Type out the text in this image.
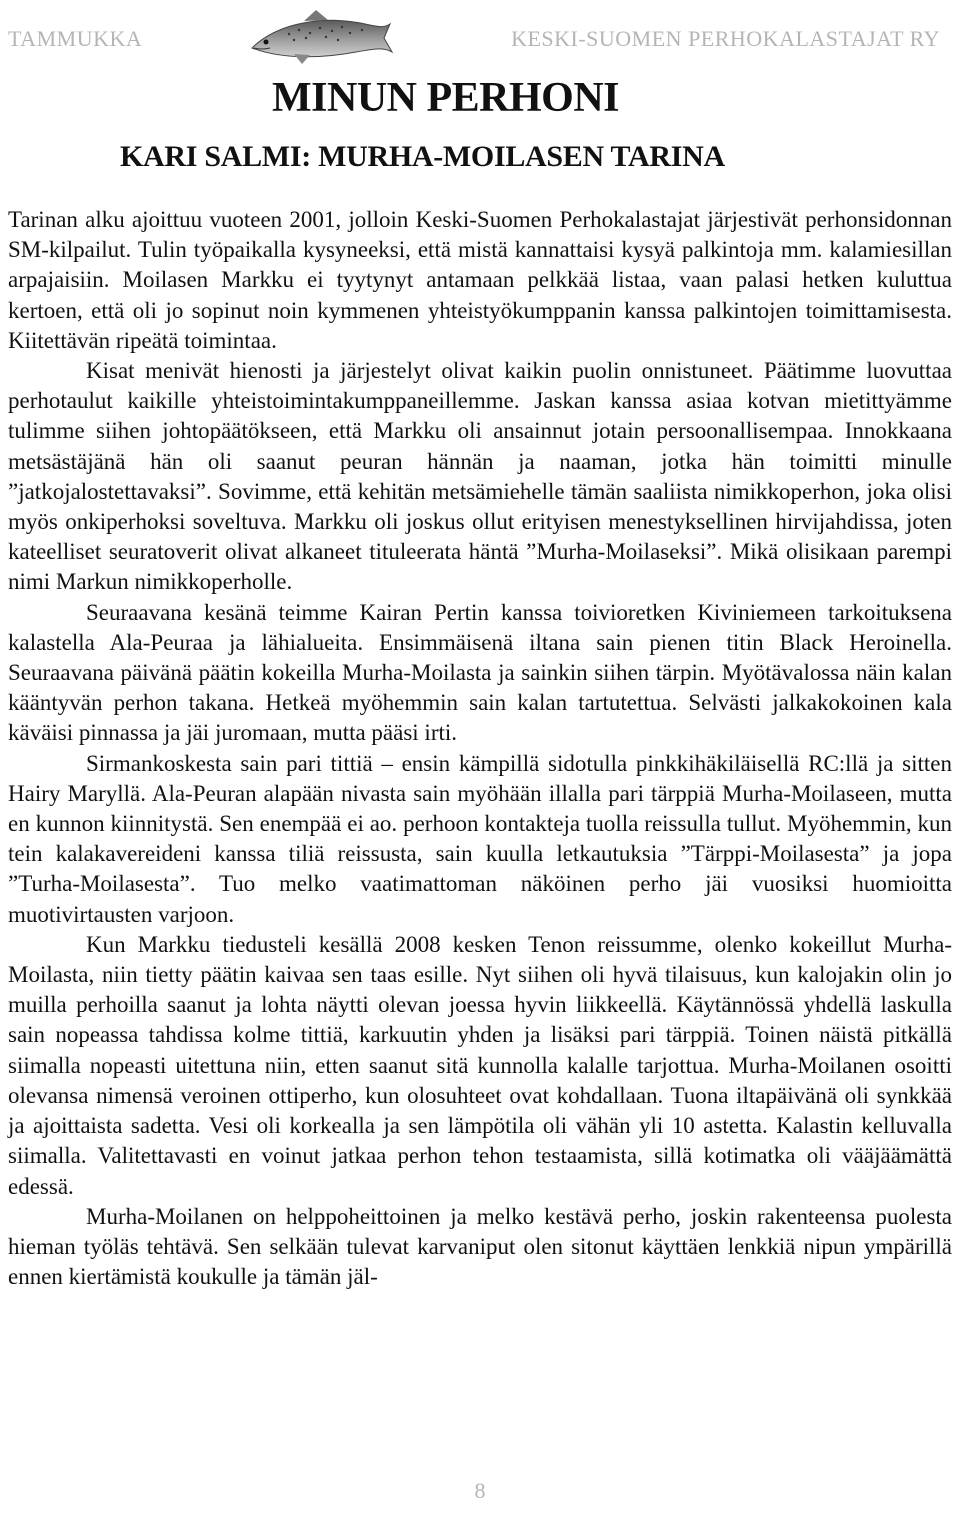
TAMMUKKA	KESKI-SUOMEN PERHOKALASTAJAT RY
MINUN PERHONI
KARI SALMI: MURHA-MOILASEN TARINA

Tarinan alku ajoittuu vuoteen 2001, jolloin Keski-Suomen Perhokalastajat järjestivät perhonsidonnan SM-kilpailut. Tulin työpaikalla kysyneeksi, että mistä kannattaisi kysyä palkintoja mm. kalamiesillan arpajaisiin. Moilasen Markku ei tyytynyt antamaan pelkkää listaa, vaan palasi hetken kuluttua kertoen, että oli jo sopinut noin kymmenen yhteistyökumppanin kanssa palkintojen toimittamisesta. Kiitettävän ripeätä toimintaa.

Kisat menivät hienosti ja järjestelyt olivat kaikin puolin onnistuneet. Päätimme luovuttaa perhotaulut kaikille yhteistoimintakumppaneillemme. Jaskan kanssa asiaa kotvan mietittyämme tulimme siihen johtopäätökseen, että Markku oli ansainnut jotain persoonallisempaa. Innokkaana metsästäjänä hän oli saanut peuran hännän ja naaman, jotka hän toimitti minulle ”jatkojalostettavaksi”. Sovimme, että kehitän metsämiehelle tämän saaliista nimikkoperhon, joka olisi myös onkiperhoksi soveltuva. Markku oli joskus ollut erityisen menestyksellinen hirvijahdissa, joten kateelliset seuratoverit olivat alkaneet tituleerata häntä ”Murha-Moilaseksi”. Mikä olisikaan parempi nimi Markun nimikkoperholle.

Seuraavana kesänä teimme Kairan Pertin kanssa toivioretken Kiviniemeen tarkoituksena kalastella Ala-Peuraa ja lähialueita. Ensimmäisenä iltana sain pienen titin Black Heroinella. Seuraavana päivänä päätin kokeilla Murha-Moilasta ja sainkin siihen tärpin. Myötävalossa näin kalan kääntyvän perhon takana. Hetkeä myöhemmin sain kalan tartutettua. Selvästi jalkakokoinen kala käväisi pinnassa ja jäi juromaan, mutta pääsi irti.

Sirmankoskesta sain pari tittiä – ensin kämpillä sidotulla pinkkihäkiläisellä RC:llä ja sitten Hairy Maryllä. Ala-Peuran alapään nivasta sain myöhään illalla pari tärppiä Murha-Moilaseen, mutta en kunnon kiinnitystä. Sen enempää ei ao. perhoon kontakteja tuolla reissulla tullut. Myöhemmin, kun tein kalakavereideni kanssa tiliä reissusta, sain kuulla letkautuksia ”Tärppi-Moilasesta” ja jopa ”Turha-Moilasesta”. Tuo melko vaatimattoman näköinen perho jäi vuosiksi huomioitta muotivirtausten varjoon.

Kun Markku tiedusteli kesällä 2008 kesken Tenon reissumme, olenko kokeillut Murha-Moilasta, niin tietty päätin kaivaa sen taas esille. Nyt siihen oli hyvä tilaisuus, kun kalojakin olin jo muilla perhoilla saanut ja lohta näytti olevan joessa hyvin liikkeellä. Käytännössä yhdellä laskulla sain nopeassa tahdissa kolme tittiä, karkuutin yhden ja lisäksi pari tärppiä. Toinen näistä pitkällä siimalla nopeasti uitettuna niin, etten saanut sitä kunnolla kalalle tarjottua. Murha-Moilanen osoitti olevansa nimensä veroinen ottiperho, kun olosuhteet ovat kohdallaan. Tuona iltapäivänä oli synkkää ja ajoittaista sadetta. Vesi oli korkealla ja sen lämpötila oli vähän yli 10 astetta. Kalastin kelluvalla siimalla. Valitettavasti en voinut jatkaa perhon tehon testaamista, sillä kotimatka oli vääjäämättä edessä.

Murha-Moilanen on helppoheittoinen ja melko kestävä perho, joskin rakenteensa puolesta hieman työläs tehtävä. Sen selkään tulevat karvaniput olen sitonut käyttäen lenkkiä nipun ympärillä ennen kiertämistä koukulle ja tämän jäl-

8
